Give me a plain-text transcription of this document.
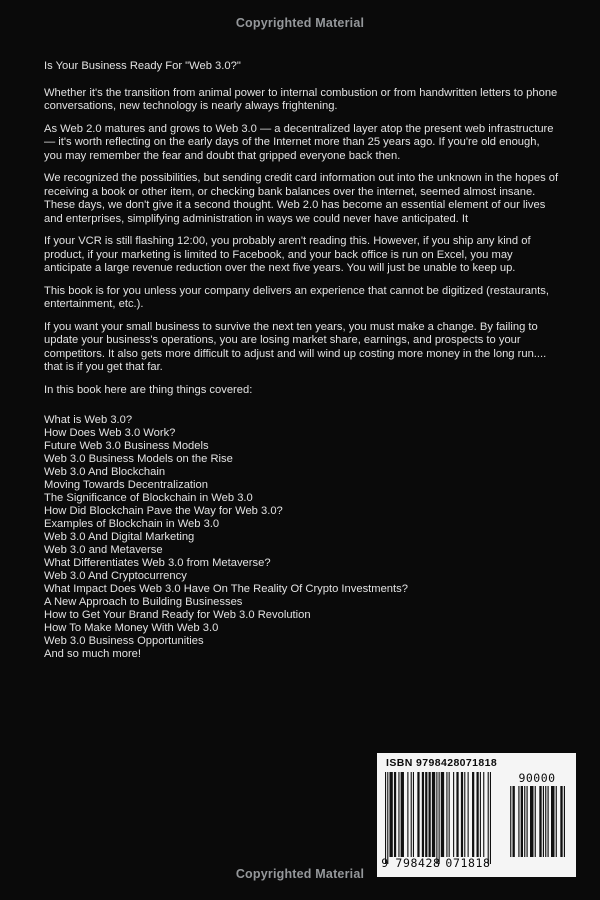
Copyrighted Material

Is Your Business Ready For "Web 3.0?"

Whether it's the transition from animal power to internal combustion or from handwritten letters to phone conversations, new technology is nearly always frightening.

As Web 2.0 matures and grows to Web 3.0 — a decentralized layer atop the present web infrastructure — it's worth reflecting on the early days of the Internet more than 25 years ago. If you're old enough, you may remember the fear and doubt that gripped everyone back then.

We recognized the possibilities, but sending credit card information out into the unknown in the hopes of receiving a book or other item, or checking bank balances over the internet, seemed almost insane. These days, we don't give it a second thought. Web 2.0 has become an essential element of our lives and enterprises, simplifying administration in ways we could never have anticipated. It

If your VCR is still flashing 12:00, you probably aren't reading this. However, if you ship any kind of product, if your marketing is limited to Facebook, and your back office is run on Excel, you may anticipate a large revenue reduction over the next five years. You will just be unable to keep up.

This book is for you unless your company delivers an experience that cannot be digitized (restaurants, entertainment, etc.).

If you want your small business to survive the next ten years, you must make a change. By failing to update your business's operations, you are losing market share, earnings, and prospects to your competitors. It also gets more difficult to adjust and will wind up costing more money in the long run.... that is if you get that far.

In this book here are thing things covered:

What is Web 3.0?
How Does Web 3.0 Work?
Future Web 3.0 Business Models
Web 3.0 Business Models on the Rise
Web 3.0 And Blockchain
Moving Towards Decentralization
The Significance of Blockchain in Web 3.0
How Did Blockchain Pave the Way for Web 3.0?
Examples of Blockchain in Web 3.0
Web 3.0 And Digital Marketing
Web 3.0 and Metaverse
What Differentiates Web 3.0 from Metaverse?
Web 3.0 And Cryptocurrency
What Impact Does Web 3.0 Have On The Reality Of Crypto Investments?
A New Approach to Building Businesses
How to Get Your Brand Ready for Web 3.0 Revolution
How To Make Money With Web 3.0
Web 3.0 Business Opportunities
And so much more!
ISBN 9798428071818
9 798428 071818
90000
Copyrighted Material
